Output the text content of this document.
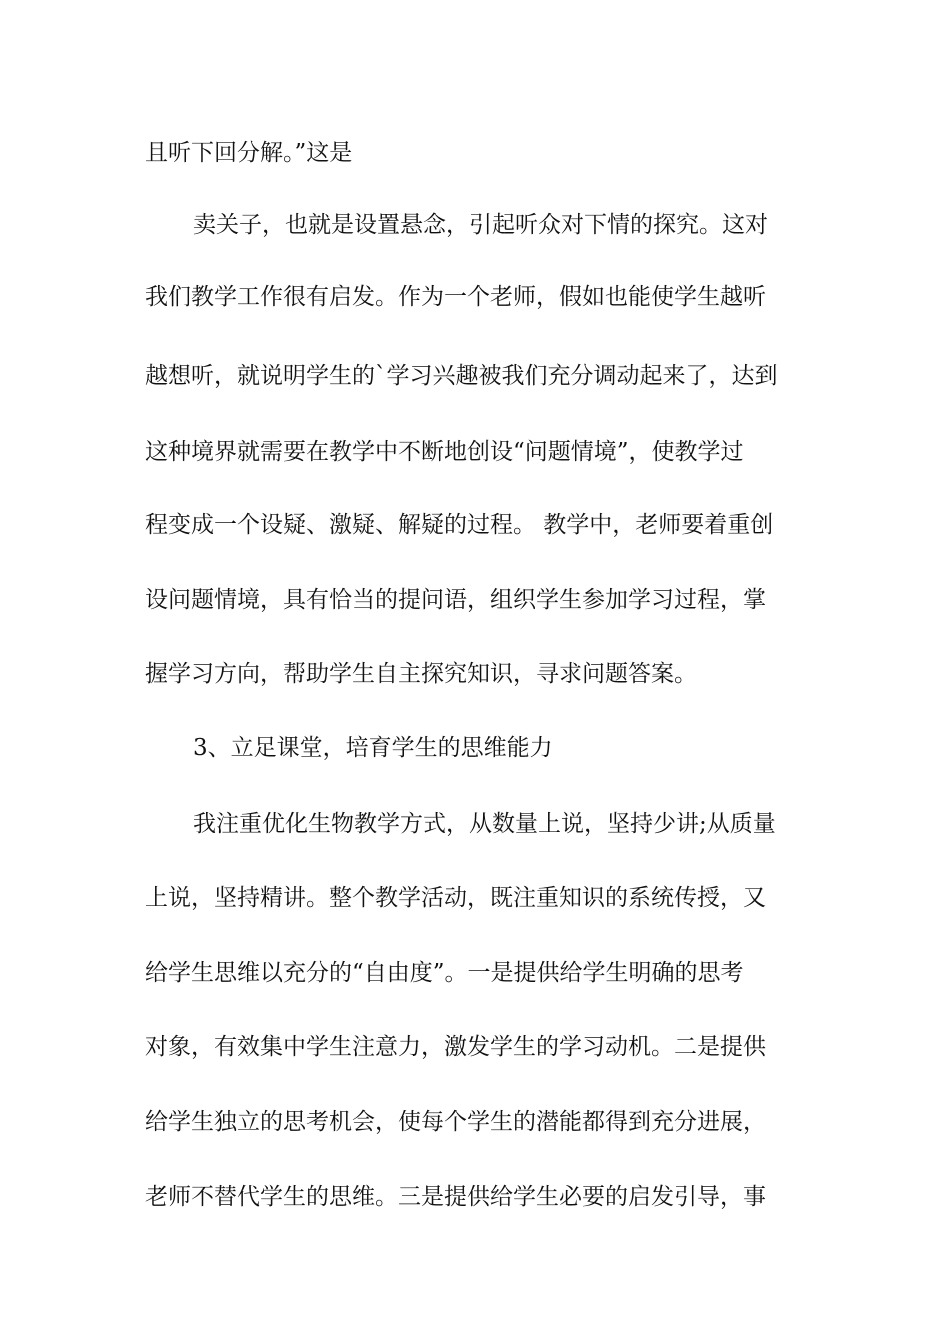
且听下回分解。”这是
卖关子，也就是设置悬念，引起听众对下情的探究。这对
我们教学工作很有启发。作为一个老师，假如也能使学生越听
越想听，就说明学生的`学习兴趣被我们充分调动起来了，达到
这种境界就需要在教学中不断地创设“问题情境”，使教学过
程变成一个设疑、激疑、解疑的过程。 教学中，老师要着重创
设问题情境，具有恰当的提问语，组织学生参加学习过程，掌
握学习方向，帮助学生自主探究知识，寻求问题答案。
3、立足课堂，培育学生的思维能力
我注重优化生物教学方式，从数量上说，坚持少讲;从质量
上说，坚持精讲。整个教学活动，既注重知识的系统传授，又
给学生思维以充分的“自由度”。一是提供给学生明确的思考
对象，有效集中学生注意力，激发学生的学习动机。二是提供
给学生独立的思考机会，使每个学生的潜能都得到充分进展，
老师不替代学生的思维。三是提供给学生必要的启发引导，事
